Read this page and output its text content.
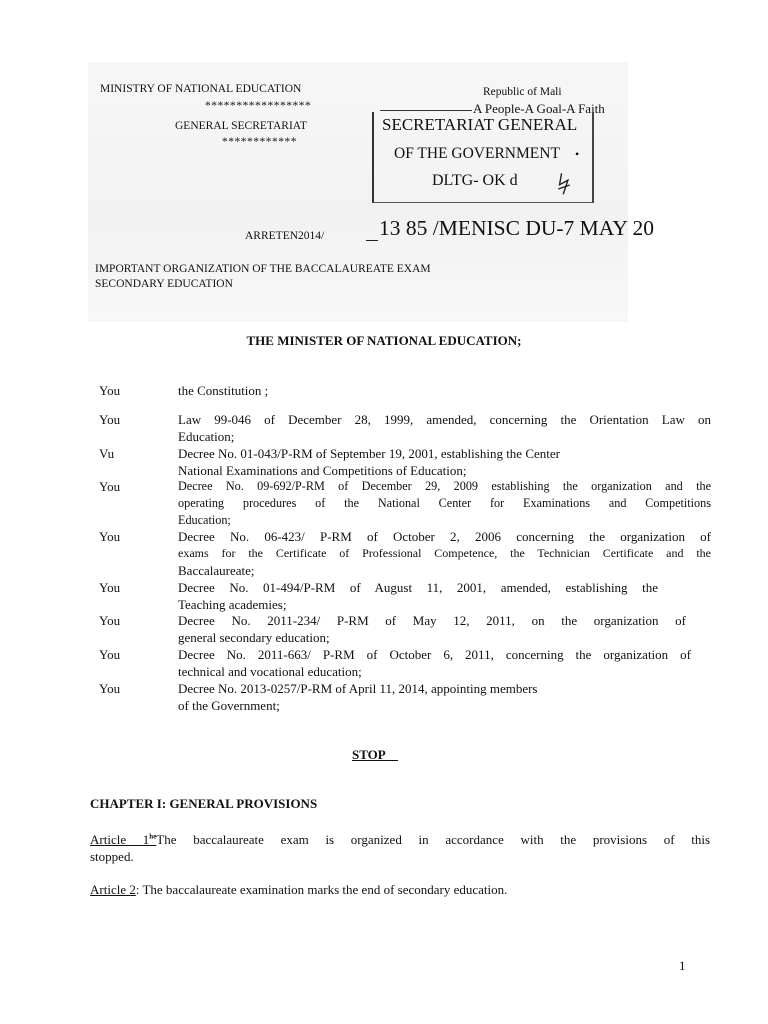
MINISTRY OF NATIONAL EDUCATION
*****************
GENERAL SECRETARIAT
************
Republic of Mali
A People-A Goal-A Faith
SECRETARIAT GENERAL
OF THE GOVERNMENT •
DLTG- OK d
ARRETEN2014/	13 85 /MENISC DU-7 MAY 20
IMPORTANT ORGANIZATION OF THE BACCALAUREATE EXAM
SECONDARY EDUCATION
THE MINISTER OF NATIONAL EDUCATION;
You	the Constitution ;
You	Law 99-046 of December 28, 1999, amended, concerning the Orientation Law on
Education;
Vu	Decree No. 01-043/P-RM of September 19, 2001, establishing the Center
National Examinations and Competitions of Education;
You	Decree No. 09-692/P-RM of December 29, 2009 establishing the organization and the
operating procedures of the National Center for Examinations and Competitions
Education;
You	Decree No. 06-423/ P-RM of October 2, 2006 concerning the organization of
exams for the Certificate of Professional Competence, the Technician Certificate and the
Baccalaureate;
You	Decree No. 01-494/P-RM of August 11, 2001, amended, establishing the
Teaching academies;
You	Decree No. 2011-234/ P-RM of May 12, 2011, on the organization of
general secondary education;
You	Decree No. 2011-663/ P-RM of October 6, 2011, concerning the organization of
technical and vocational education;
You	Decree No. 2013-0257/P-RM of April 11, 2014, appointing members
of the Government;
STOP
CHAPTER I: GENERAL PROVISIONS
Article $1^{he}The$ baccalaureate exam is organized in accordance with the provisions of this
stopped.
Article 2: The baccalaureate examination marks the end of secondary education.
1
